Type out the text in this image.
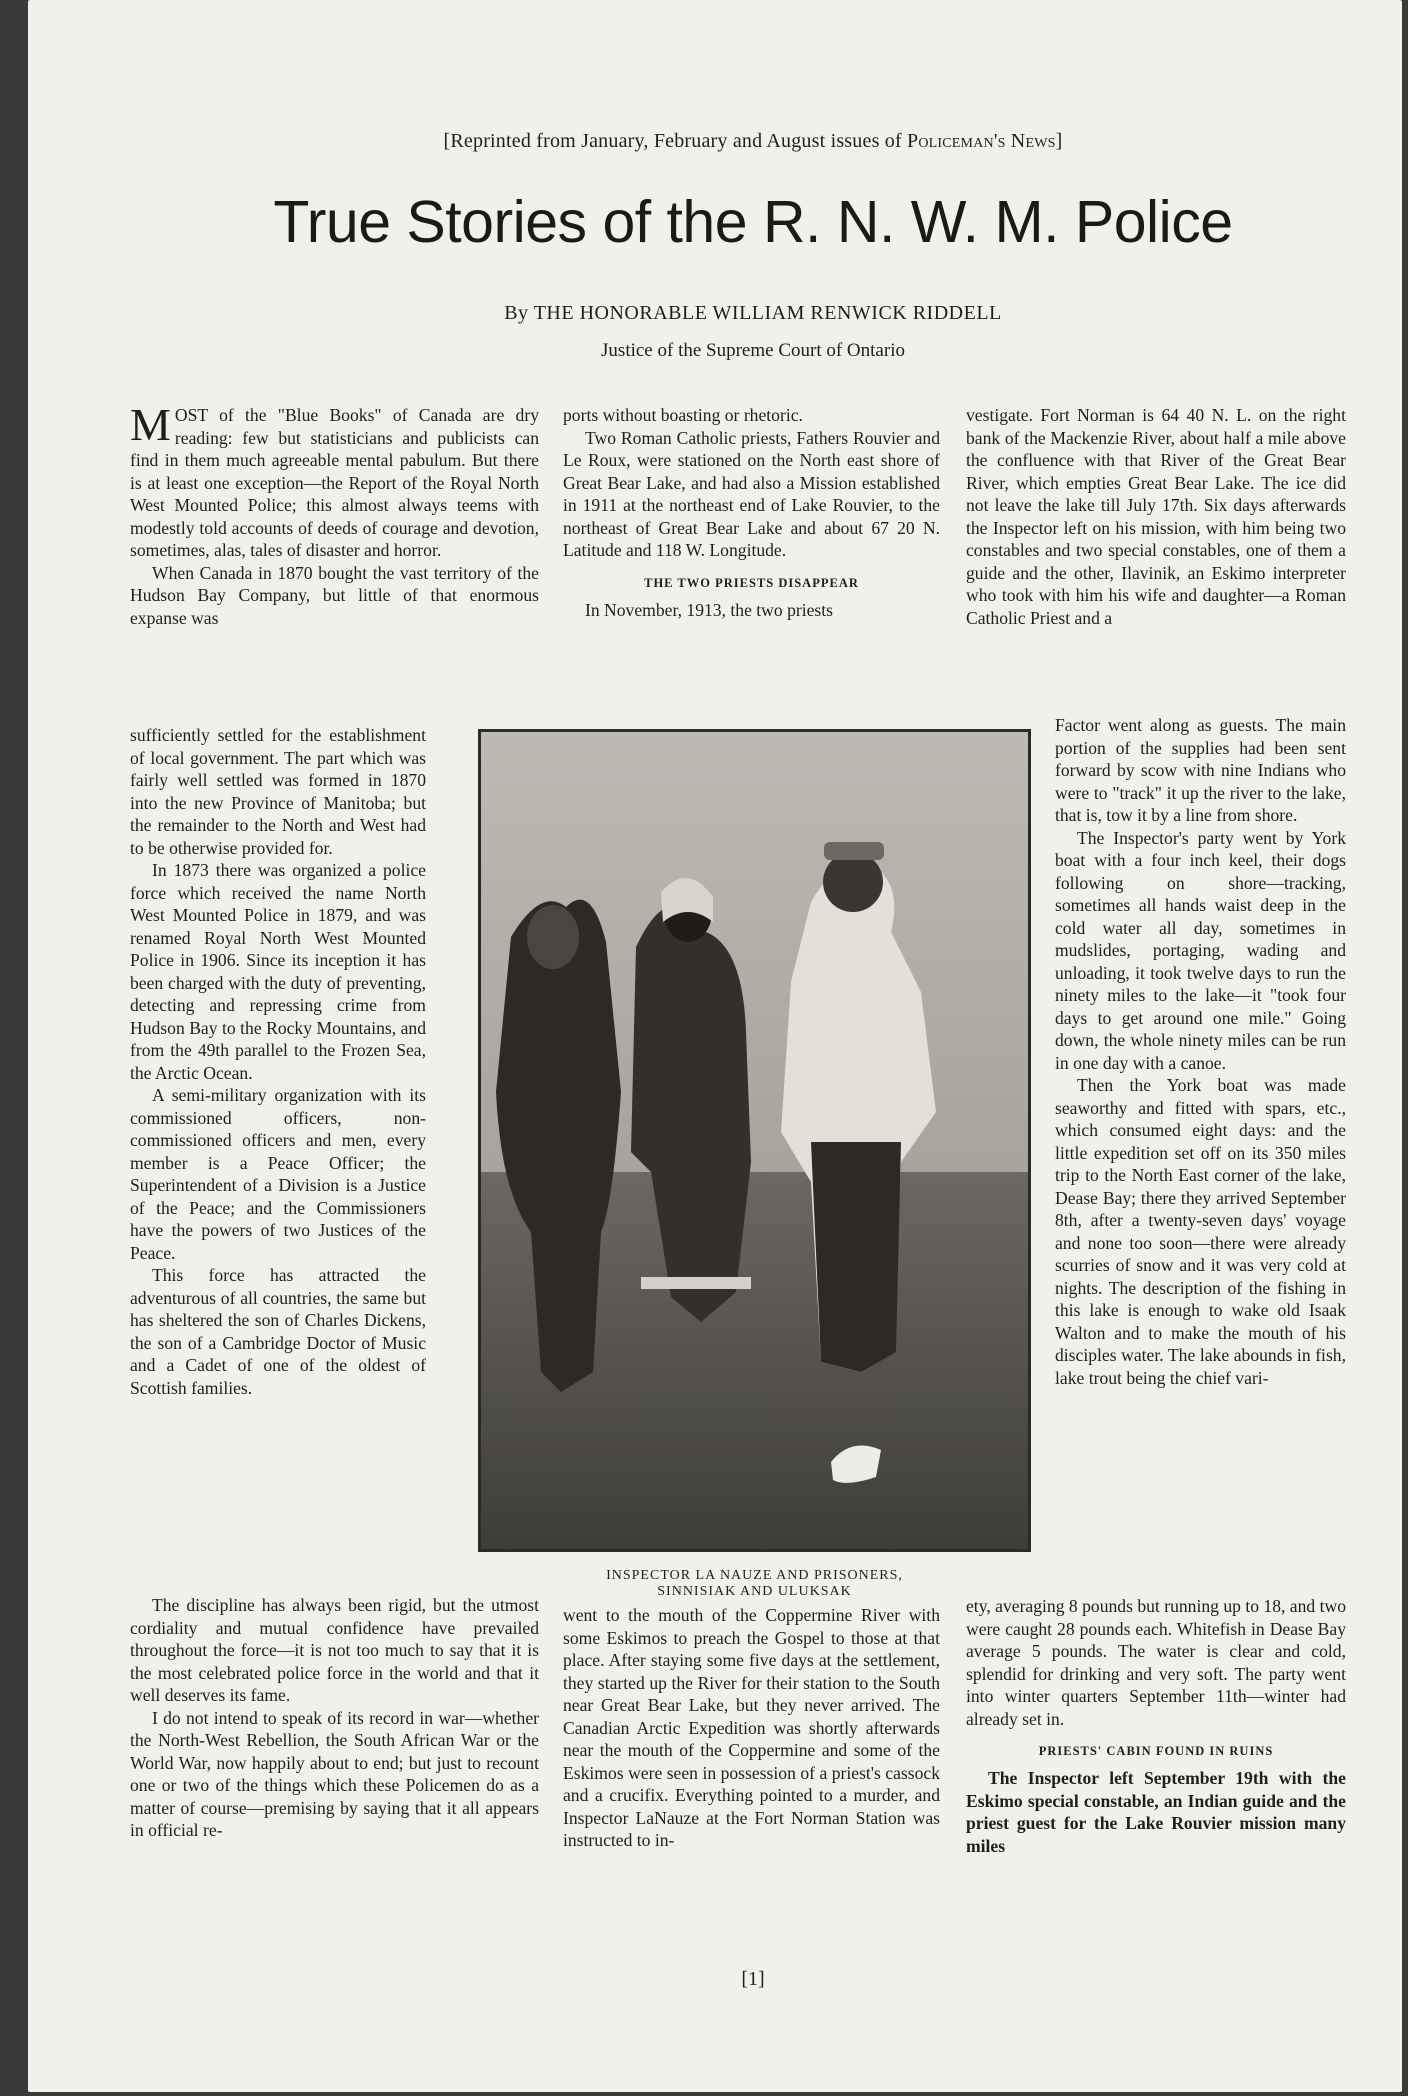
[Reprinted from January, February and August issues of Policeman's News]
True Stories of the R. N. W. M. Police
By THE HONORABLE WILLIAM RENWICK RIDDELL
Justice of the Supreme Court of Ontario

MOST of the "Blue Books" of Canada are dry reading: few but statisticians and publicists can find in them much agreeable mental pabulum. But there is at least one exception—the Report of the Royal North West Mounted Police; this almost always teems with modestly told accounts of deeds of courage and devotion, sometimes, alas, tales of disaster and horror.

When Canada in 1870 bought the vast territory of the Hudson Bay Company, but little of that enormous expanse was

sufficiently settled for the establishment of local government. The part which was fairly well settled was formed in 1870 into the new Province of Manitoba; but the remainder to the North and West had to be otherwise provided for.

In 1873 there was organized a police force which received the name North West Mounted Police in 1879, and was renamed Royal North West Mounted Police in 1906. Since its inception it has been charged with the duty of preventing, detecting and repressing crime from Hudson Bay to the Rocky Mountains, and from the 49th parallel to the Frozen Sea, the Arctic Ocean.

A semi-military organization with its commissioned officers, non-commissioned officers and men, every member is a Peace Officer; the Superintendent of a Division is a Justice of the Peace; and the Commissioners have the powers of two Justices of the Peace.

This force has attracted the adventurous of all countries, the same but has sheltered the son of Charles Dickens, the son of a Cambridge Doctor of Music and a Cadet of one of the oldest of Scottish families.

The discipline has always been rigid, but the utmost cordiality and mutual confidence have prevailed throughout the force—it is not too much to say that it is the most celebrated police force in the world and that it well deserves its fame.

I do not intend to speak of its record in war—whether the North-West Rebellion, the South African War or the World War, now happily about to end; but just to recount one or two of the things which these Policemen do as a matter of course—premising by saying that it all appears in official re-

ports without boasting or rhetoric.

Two Roman Catholic priests, Fathers Rouvier and Le Roux, were stationed on the North east shore of Great Bear Lake, and had also a Mission established in 1911 at the northeast end of Lake Rouvier, to the northeast of Great Bear Lake and about 67 20 N. Latitude and 118 W. Longitude.

THE TWO PRIESTS DISAPPEAR

In November, 1913, the two priests

went to the mouth of the Coppermine River with some Eskimos to preach the Gospel to those at that place. After staying some five days at the settlement, they started up the River for their station to the South near Great Bear Lake, but they never arrived. The Canadian Arctic Expedition was shortly afterwards near the mouth of the Coppermine and some of the Eskimos were seen in possession of a priest's cassock and a crucifix. Everything pointed to a murder, and Inspector LaNauze at the Fort Norman Station was instructed to in-

vestigate. Fort Norman is 64 40 N. L. on the right bank of the Mackenzie River, about half a mile above the confluence with that River of the Great Bear River, which empties Great Bear Lake. The ice did not leave the lake till July 17th. Six days afterwards the Inspector left on his mission, with him being two constables and two special constables, one of them a guide and the other, Ilavinik, an Eskimo interpreter who took with him his wife and daughter—a Roman Catholic Priest and a

Factor went along as guests. The main portion of the supplies had been sent forward by scow with nine Indians who were to "track" it up the river to the lake, that is, tow it by a line from shore.

The Inspector's party went by York boat with a four inch keel, their dogs following on shore—tracking, sometimes all hands waist deep in the cold water all day, sometimes in mudslides, portaging, wading and unloading, it took twelve days to run the ninety miles to the lake—it "took four days to get around one mile." Going down, the whole ninety miles can be run in one day with a canoe.

Then the York boat was made seaworthy and fitted with spars, etc., which consumed eight days: and the little expedition set off on its 350 miles trip to the North East corner of the lake, Dease Bay; there they arrived September 8th, after a twenty-seven days' voyage and none too soon—there were already scurries of snow and it was very cold at nights. The description of the fishing in this lake is enough to wake old Isaak Walton and to make the mouth of his disciples water. The lake abounds in fish, lake trout being the chief vari-

ety, averaging 8 pounds but running up to 18, and two were caught 28 pounds each. Whitefish in Dease Bay average 5 pounds. The water is clear and cold, splendid for drinking and very soft. The party went into winter quarters September 11th—winter had already set in.

PRIESTS' CABIN FOUND IN RUINS

The Inspector left September 19th with the Eskimo special constable, an Indian guide and the priest guest for the Lake Rouvier mission many miles

INSPECTOR LA NAUZE AND PRISONERS,
SINNISIAK AND ULUKSAK
[1]
